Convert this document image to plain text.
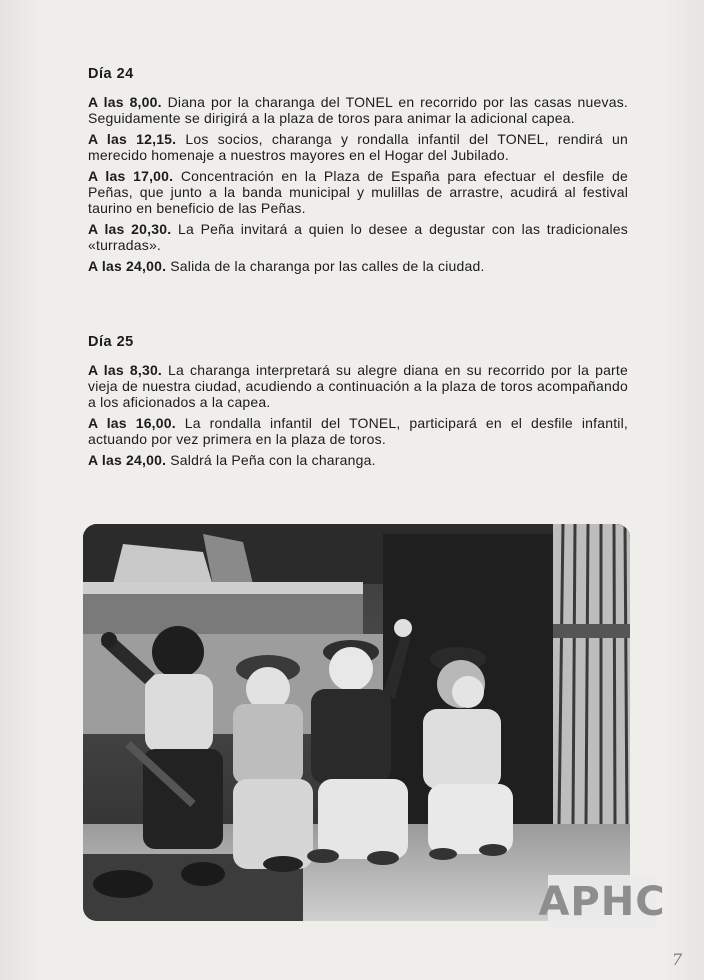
Día 24

A las 8,00. Diana por la charanga del TONEL en recorrido por las casas nuevas. Seguidamente se dirigirá a la plaza de toros para animar la adicional capea.

A las 12,15. Los socios, charanga y rondalla infantil del TONEL, rendirá un merecido homenaje a nuestros mayores en el Hogar del Jubilado.

A las 17,00. Concentración en la Plaza de España para efectuar el desfile de Peñas, que junto a la banda municipal y mulillas de arrastre, acudirá al festival taurino en beneficio de las Peñas.

A las 20,30. La Peña invitará a quien lo desee a degustar con las tradicionales «turradas».

A las 24,00. Salida de la charanga por las calles de la ciudad.

Día 25

A las 8,30. La charanga interpretará su alegre diana en su recorrido por la parte vieja de nuestra ciudad, acudiendo a continuación a la plaza de toros acompañando a los aficionados a la capea.

A las 16,00. La rondalla infantil del TONEL, participará en el desfile infantil, actuando por vez primera en la plaza de toros.

A las 24,00. Saldrá la Peña con la charanga.

APHC
7
